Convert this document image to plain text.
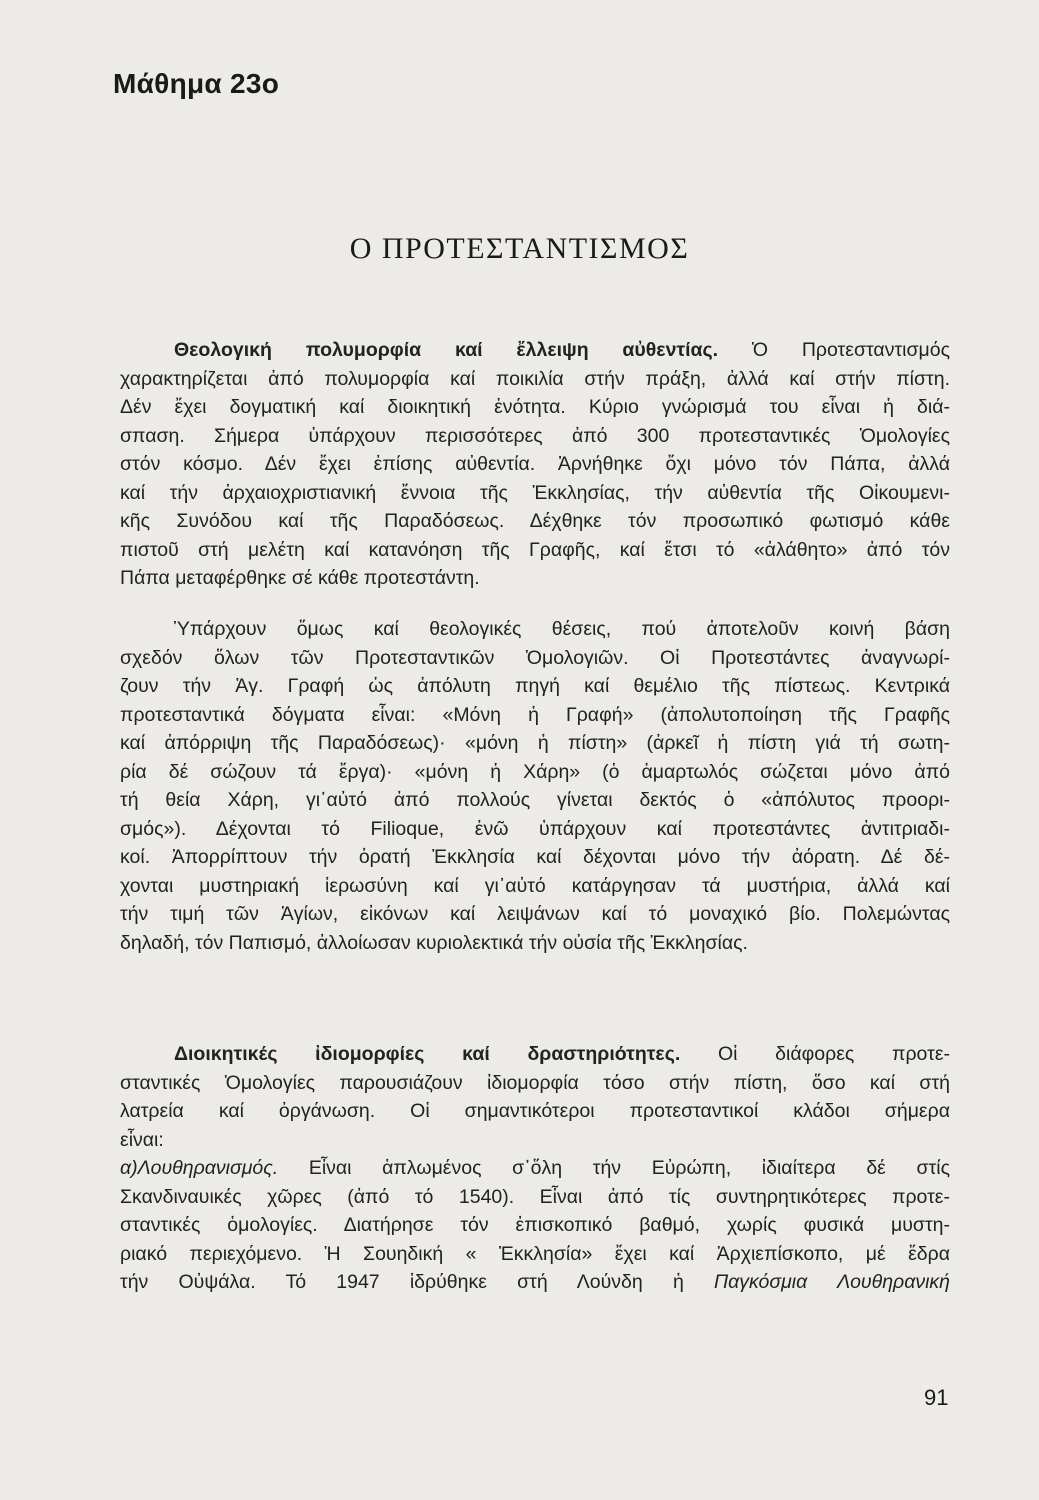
Μάθημα 23ο
Ο ΠΡΟΤΕΣΤΑΝΤΙΣΜΟΣ
Θεολογική πολυμορφία καί ἔλλειψη αὐθεντίας. Ὁ Προτεσταντισμός
χαρακτηρίζεται ἀπό πολυμορφία καί ποικιλία στήν πράξη, ἀλλά καί στήν πίστη.
Δέν ἔχει δογματική καί διοικητική ἑνότητα. Κύριο γνώρισμά του εἶναι ἡ διά-
σπαση. Σήμερα ὑπάρχουν περισσότερες ἀπό 300 προτεσταντικές Ὁμολογίες
στόν κόσμο. Δέν ἔχει ἐπίσης αὐθεντία. Ἀρνήθηκε ὄχι μόνο τόν Πάπα, ἀλλά
καί τήν ἀρχαιοχριστιανική ἔννοια τῆς Ἐκκλησίας, τήν αὐθεντία τῆς Οἰκουμενι-
κῆς Συνόδου καί τῆς Παραδόσεως. Δέχθηκε τόν προσωπικό φωτισμό κάθε
πιστοῦ στή μελέτη καί κατανόηση τῆς Γραφῆς, καί ἔτσι τό «ἀλάθητο» ἀπό τόν
Πάπα μεταφέρθηκε σέ κάθε προτεστάντη.
Ὑπάρχουν ὅμως καί θεολογικές θέσεις, πού ἀποτελοῦν κοινή βάση
σχεδόν ὅλων τῶν Προτεσταντικῶν Ὁμολογιῶν. Οἱ Προτεστάντες ἀναγνωρί-
ζουν τήν Ἁγ. Γραφή ὡς ἀπόλυτη πηγή καί θεμέλιο τῆς πίστεως. Κεντρικά
προτεσταντικά δόγματα εἶναι: «Μόνη ἡ Γραφή» (ἀπολυτοποίηση τῆς Γραφῆς
καί ἀπόρριψη τῆς Παραδόσεως)· «μόνη ἡ πίστη» (ἀρκεῖ ἡ πίστη γιά τή σωτη-
ρία δέ σώζουν τά ἔργα)· «μόνη ἡ Χάρη» (ὁ ἁμαρτωλός σώζεται μόνο ἀπό
τή θεία Χάρη, γι᾽αὐτό ἀπό πολλούς γίνεται δεκτός ὁ «ἀπόλυτος προορι-
σμός»). Δέχονται τό Filioque, ἐνῶ ὑπάρχουν καί προτεστάντες ἀντιτριαδι-
κοί. Ἀπορρίπτουν τήν ὁρατή Ἐκκλησία καί δέχονται μόνο τήν ἀόρατη. Δέ δέ-
χονται μυστηριακή ἱερωσύνη καί γι᾽αὐτό κατάργησαν τά μυστήρια, ἀλλά καί
τήν τιμή τῶν Ἁγίων, εἰκόνων καί λειψάνων καί τό μοναχικό βίο. Πολεμώντας
δηλαδή, τόν Παπισμό, ἀλλοίωσαν κυριολεκτικά τήν οὐσία τῆς Ἐκκλησίας.
Διοικητικές ἰδιομορφίες καί δραστηριότητες. Οἱ διάφορες προτε-
σταντικές Ὁμολογίες παρουσιάζουν ἰδιομορφία τόσο στήν πίστη, ὅσο καί στή
λατρεία καί ὀργάνωση. Οἱ σημαντικότεροι προτεσταντικοί κλάδοι σήμερα
εἶναι:
α)Λουθηρανισμός. Εἶναι ἁπλωμένος σ᾽ὅλη τήν Εὐρώπη, ἰδιαίτερα δέ στίς
Σκανδιναυικές χῶρες (ἀπό τό 1540). Εἶναι ἀπό τίς συντηρητικότερες προτε-
σταντικές ὁμολογίες. Διατήρησε τόν ἐπισκοπικό βαθμό, χωρίς φυσικά μυστη-
ριακό περιεχόμενο. Ἡ Σουηδική « Ἐκκλησία» ἔχει καί Ἀρχιεπίσκοπο, μέ ἕδρα
τήν Οὐψάλα. Τό 1947 ἱδρύθηκε στή Λούνδη ἡ Παγκόσμια Λουθηρανική
91
